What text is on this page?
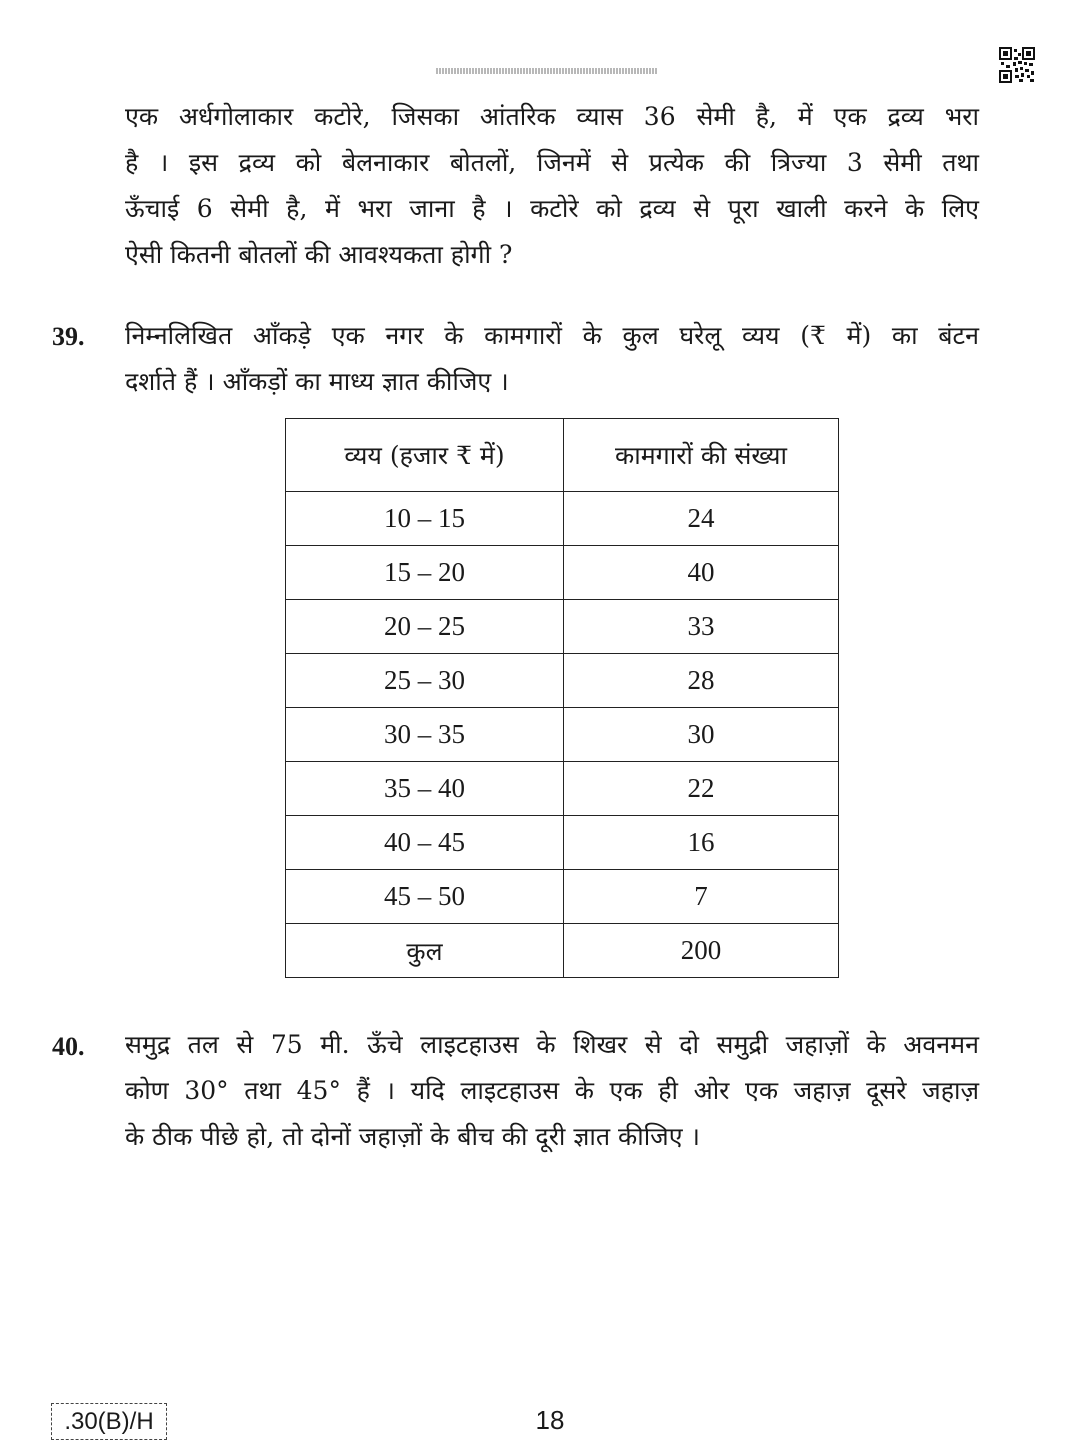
एक अर्धगोलाकार कटोरे, जिसका आंतरिक व्यास 36 सेमी है, में एक द्रव्य भरा
है । इस द्रव्य को बेलनाकार बोतलों, जिनमें से प्रत्येक की त्रिज्या 3 सेमी तथा
ऊँचाई 6 सेमी है, में भरा जाना है । कटोरे को द्रव्य से पूरा खाली करने के लिए
ऐसी कितनी बोतलों की आवश्यकता होगी ?
39. निम्नलिखित आँकड़े एक नगर के कामगारों के कुल घरेलू व्यय (₹ में) का बंटन
दर्शाते हैं । आँकड़ों का माध्य ज्ञात कीजिए ।
व्यय (हजार ₹ में)	कामगारों की संख्या
10 – 15	24
15 – 20	40
20 – 25	33
25 – 30	28
30 – 35	30
35 – 40	22
40 – 45	16
45 – 50	7
कुल	200
40. समुद्र तल से 75 मी. ऊँचे लाइटहाउस के शिखर से दो समुद्री जहाज़ों के अवनमन
कोण 30° तथा 45° हैं । यदि लाइटहाउस के एक ही ओर एक जहाज़ दूसरे जहाज़
के ठीक पीछे हो, तो दोनों जहाज़ों के बीच की दूरी ज्ञात कीजिए ।
.30(B)/H	18
